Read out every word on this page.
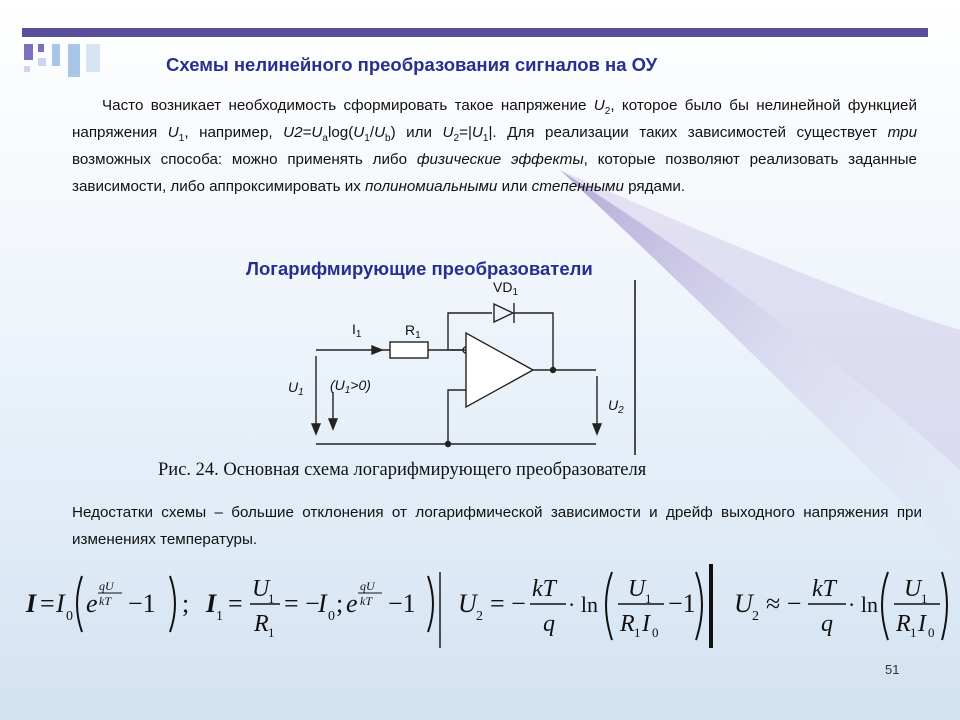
Схемы нелинейного преобразования сигналов на ОУ
Часто возникает необходимость сформировать такое напряжение $U_2$, которое было бы нелинейной функцией напряжения $U_1$, например, $U2=U_a\log(U_1/U_b)$ или $U_2=|U_1|$. Для реализации таких зависимостей существует три возможных способа: можно применять либо физические эффекты, которые позволяют реализовать заданные зависимости, либо аппроксимировать их полиномиальными или степенными рядами.
Логарифмирующие преобразователи
$VD_1$
$R_1$
$I_1$
$U_1$ $(U_1>0)$
$U_2$
Рис. 24. Основная схема логарифмирующего преобразователя
Недостатки схемы – большие отклонения от логарифмической зависимости и дрейф выходного напряжения при изменениях температуры.
I = I 0 e
qU
kT −1 ; I 1 = U
1
R 1
= −
I 0 ; e
qU
kT −1 U 2 = − kT
q
· ln
U 1
R 1 I 0
−1 U 2 ≈ − kT
q
· ln
U 1
R 1 I 0
51
